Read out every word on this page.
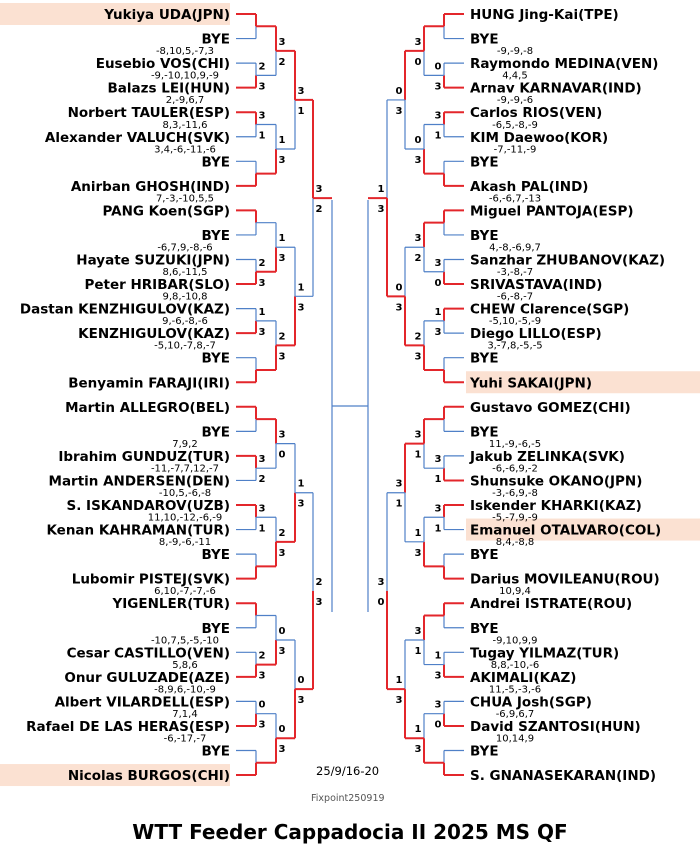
Yukiya UDA(JPN)
BYE
Eusebio VOS(CHI)
Balazs LEI(HUN)
Norbert TAULER(ESP)
Alexander VALUCH(SVK)
BYE
Anirban GHOSH(IND)
PANG Koen(SGP)
BYE
Hayate SUZUKI(JPN)
Peter HRIBAR(SLO)
Dastan KENZHIGULOV(KAZ)
KENZHIGULOV(KAZ)
BYE
Benyamin FARAJI(IRI)
Martin ALLEGRO(BEL)
BYE
Ibrahim GUNDUZ(TUR)
Martin ANDERSEN(DEN)
S. ISKANDAROV(UZB)
Kenan KAHRAMAN(TUR)
BYE
Lubomir PISTEJ(SVK)
YIGENLER(TUR)
BYE
Cesar CASTILLO(VEN)
Onur GULUZADE(AZE)
Albert VILARDELL(ESP)
Rafael DE LAS HERAS(ESP)
BYE
Nicolas BURGOS(CHI)
HUNG Jing-Kai(TPE)
BYE
Raymondo MEDINA(VEN)
Arnav KARNAVAR(IND)
Carlos RIOS(VEN)
KIM Daewoo(KOR)
BYE
Akash PAL(IND)
Miguel PANTOJA(ESP)
BYE
Sanzhar ZHUBANOV(KAZ)
SRIVASTAVA(IND)
CHEW Clarence(SGP)
Diego LILLO(ESP)
BYE
Yuhi SAKAI(JPN)
Gustavo GOMEZ(CHI)
BYE
Jakub ZELINKA(SVK)
Shunsuke OKANO(JPN)
Iskender KHARKI(KAZ)
Emanuel OTALVARO(COL)
BYE
Darius MOVILEANU(ROU)
Andrei ISTRATE(ROU)
BYE
Tugay YILMAZ(TUR)
AKIMALI(KAZ)
CHUA Josh(SGP)
David SZANTOSI(HUN)
BYE
S. GNANASEKARAN(IND)
-8,10,5,-7,3
-9,-10,10,9,-9
2,-9,6,7
8,3,-11,6
3,4,-6,-11,-6
7,-3,-10,5,5
-6,7,9,-8,-6
8,6,-11,5
9,8,-10,8
9,-6,-8,-6
-5,10,-7,8,-7
7,9,2
-11,-7,7,12,-7
-10,5,-6,-8
11,10,-12,-6,-9
8,-9,-6,-11
6,10,-7,-7,-6
-10,7,5,-5,-10
5,8,6
-8,9,6,-10,-9
7,1,4
-6,-17,-7
-9,-9,-8
4,4,5
-9,-9,-6
-6,5,-8,-9
-7,-11,-9
-6,-6,7,-13
4,-8,-6,9,7
-3,-8,-7
-6,-8,-7
-5,10,-5,-9
3,-7,8,-5,-5
11,-9,-6,-5
-6,-6,9,-2
-3,-6,9,-8
-5,-7,9,-9
8,4,-8,8
10,9,4
-9,10,9,9
8,8,-10,-6
11,-5,-3,-6
-6,9,6,7
10,14,9
2
3
3
1
2
3
1
3
3
2
3
1
2
3
0
3
3
2
1
3
1
3
2
3
3
0
2
3
0
3
0
3
3
1
1
3
1
3
0
3
3
2
2
3
0
3
3
1
3
0
1
3
3
1
3
1
1
3
3
0
3
0
0
3
3
2
2
3
3
1
1
3
3
1
1
3
0
3
0
3
3
1
1
3
1
3
3
0
25/9/16-20
Fixpoint250919
WTT Feeder Cappadocia II 2025 MS QF
